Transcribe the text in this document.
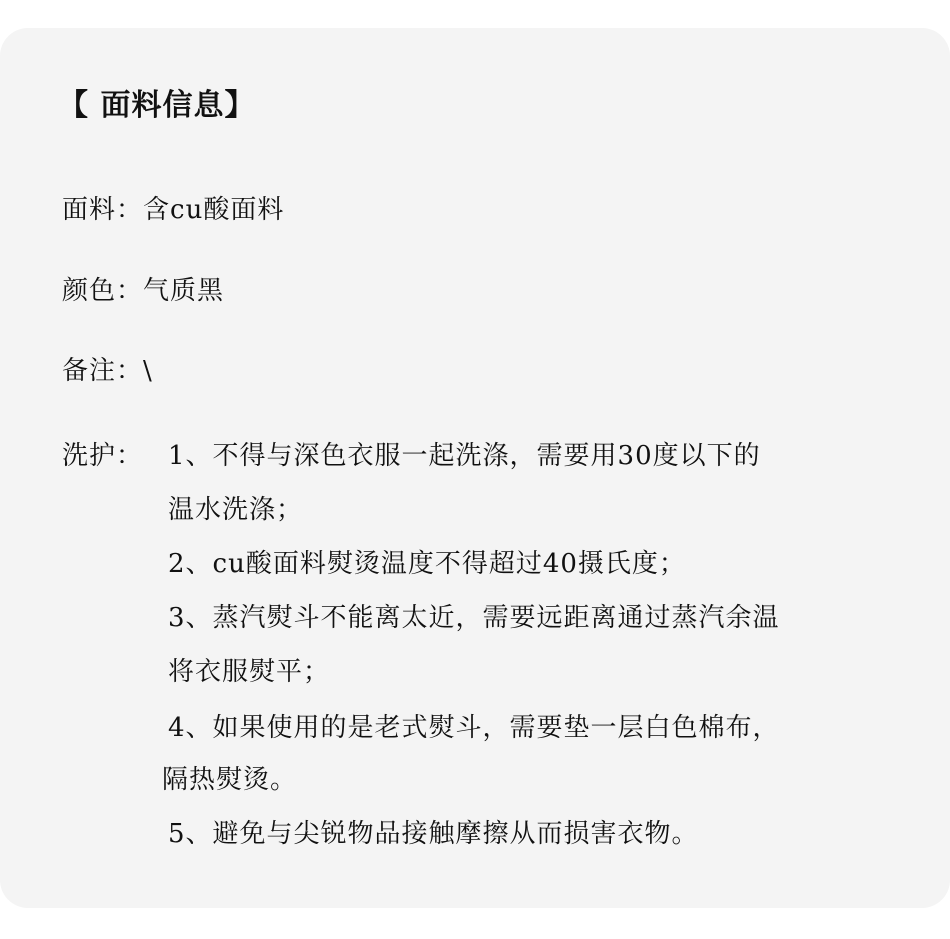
【 面料信息】
面料：含cu酸面料
颜色：气质黑
备注：\
洗护： 1、不得与深色衣服一起洗涤，需要用30度以下的
温水洗涤；
2、cu酸面料熨烫温度不得超过40摄氏度；
3、蒸汽熨斗不能离太近，需要远距离通过蒸汽余温
将衣服熨平；
4、如果使用的是老式熨斗，需要垫一层白色棉布，
隔热熨烫。
5、避免与尖锐物品接触摩擦从而损害衣物。
